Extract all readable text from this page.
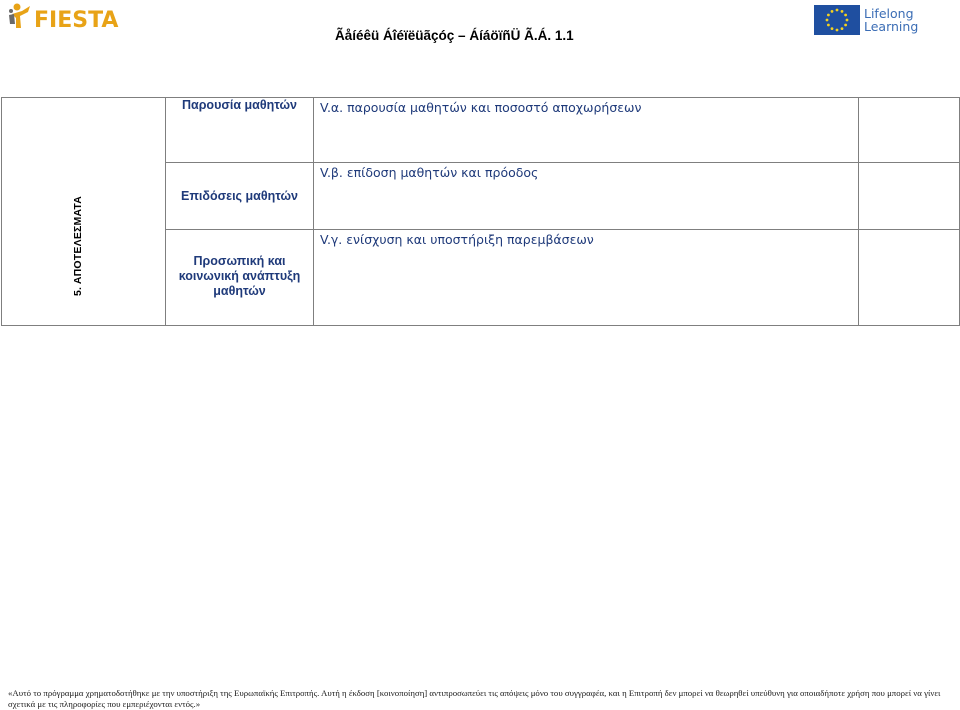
FIESTA
Ãåíéêü Áîéïëüãçóç – ÁíáöïñÜ Ã.Á. 1.1
Lifelong
Learning
5. ΑΠΟΤΕΛΕΣΜΑΤΑ	Παρουσία μαθητών	V.α. παρουσία μαθητών και ποσοστό αποχωρήσεων	
	Επιδόσεις μαθητών	V.β. επίδοση μαθητών και πρόοδος	
	Προσωπική και κοινωνική ανάπτυξη μαθητών	V.γ. ενίσχυση και υποστήριξη παρεμβάσεων	
«Αυτό το πρόγραμμα χρηματοδοτήθηκε με την υποστήριξη της Ευρωπαϊκής Επιτροπής. Αυτή η έκδοση [κοινοποίηση] αντιπροσωπεύει τις απόψεις μόνο του συγγραφέα, και η Επιτροπή δεν μπορεί να θεωρηθεί υπεύθυνη για οποιαδήποτε χρήση που μπορεί να γίνει σχετικά με τις πληροφορίες που εμπεριέχονται εντός.»
